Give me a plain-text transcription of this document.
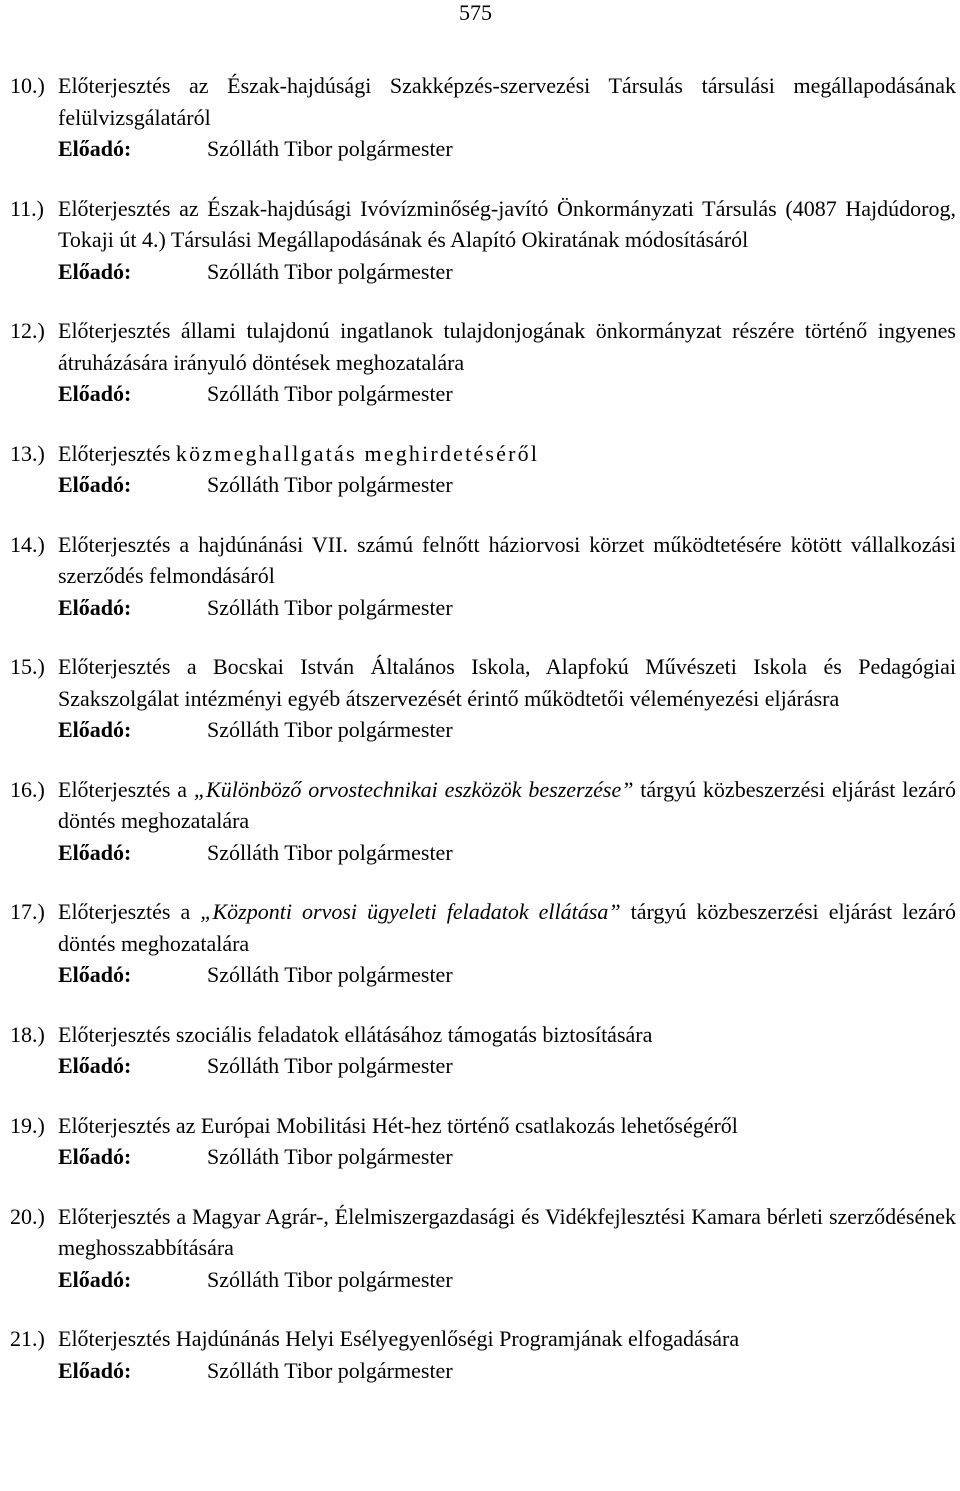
575
10.) Előterjesztés az Észak-hajdúsági Szakképzés-szervezési Társulás társulási megállapodásának felülvizsgálatáról
Előadó:	Szólláth Tibor polgármester
11.) Előterjesztés az Észak-hajdúsági Ivóvízminőség-javító Önkormányzati Társulás (4087 Hajdúdorog, Tokaji út 4.) Társulási Megállapodásának és Alapító Okiratának módosításáról
Előadó:	Szólláth Tibor polgármester
12.) Előterjesztés állami tulajdonú ingatlanok tulajdonjogának önkormányzat részére történő ingyenes átruházására irányuló döntések meghozatalára
Előadó:	Szólláth Tibor polgármester
13.) Előterjesztés közmeghallgatás meghirdetéséről
Előadó:	Szólláth Tibor polgármester
14.) Előterjesztés a hajdúnánási VII. számú felnőtt háziorvosi körzet működtetésére kötött vállalkozási szerződés felmondásáról
Előadó:	Szólláth Tibor polgármester
15.) Előterjesztés a Bocskai István Általános Iskola, Alapfokú Művészeti Iskola és Pedagógiai Szakszolgálat intézményi egyéb átszervezését érintő működtetői véleményezési eljárásra
Előadó:	Szólláth Tibor polgármester
16.) Előterjesztés a „Különböző orvostechnikai eszközök beszerzése” tárgyú közbeszerzési eljárást lezáró döntés meghozatalára
Előadó:	Szólláth Tibor polgármester
17.) Előterjesztés a „Központi orvosi ügyeleti feladatok ellátása” tárgyú közbeszerzési eljárást lezáró döntés meghozatalára
Előadó:	Szólláth Tibor polgármester
18.) Előterjesztés szociális feladatok ellátásához támogatás biztosítására
Előadó:	Szólláth Tibor polgármester
19.) Előterjesztés az Európai Mobilitási Hét-hez történő csatlakozás lehetőségéről
Előadó:	Szólláth Tibor polgármester
20.) Előterjesztés a Magyar Agrár-, Élelmiszergazdasági és Vidékfejlesztési Kamara bérleti szerződésének meghosszabbítására
Előadó:	Szólláth Tibor polgármester
21.) Előterjesztés Hajdúnánás Helyi Esélyegyenlőségi Programjának elfogadására
Előadó:	Szólláth Tibor polgármester
